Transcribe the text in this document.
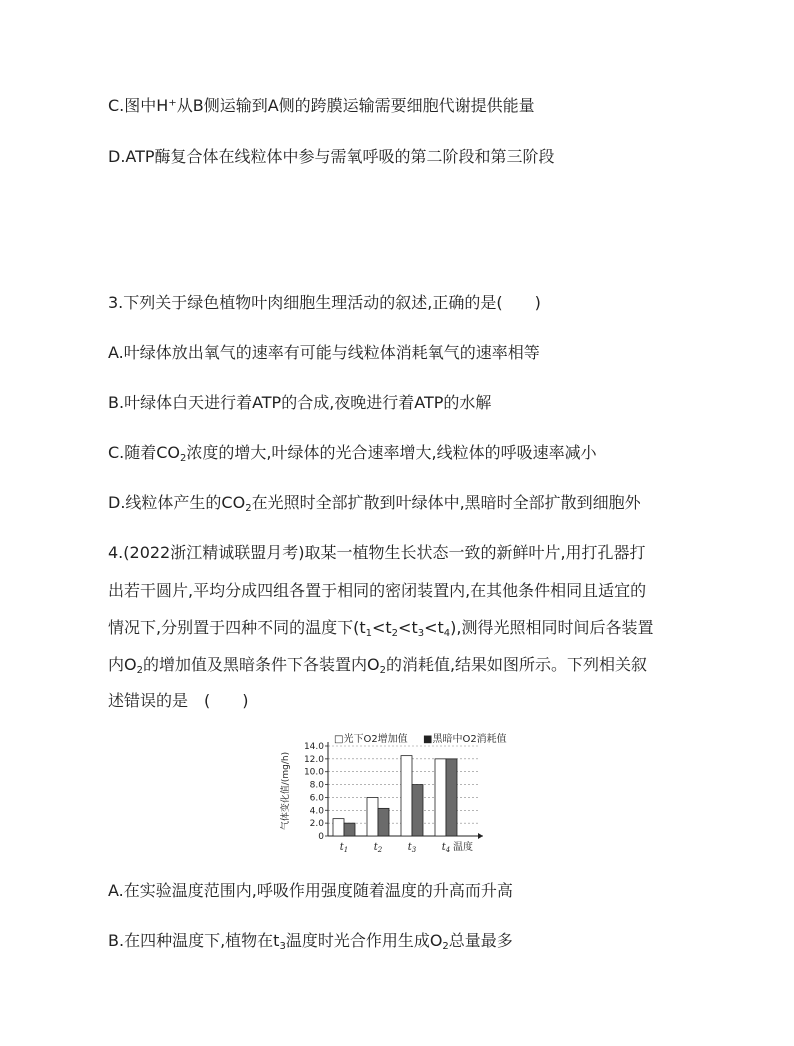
C.图中H⁺从B侧运输到A侧的跨膜运输需要细胞代谢提供能量
D.ATP酶复合体在线粒体中参与需氧呼吸的第二阶段和第三阶段
3.下列关于绿色植物叶肉细胞生理活动的叙述,正确的是(　　)
A.叶绿体放出氧气的速率有可能与线粒体消耗氧气的速率相等
B.叶绿体白天进行着ATP的合成,夜晚进行着ATP的水解
C.随着$CO_2$浓度的增大,叶绿体的光合速率增大,线粒体的呼吸速率减小
D.线粒体产生的$CO_2$在光照时全部扩散到叶绿体中,黑暗时全部扩散到细胞外
4.(2022浙江精诚联盟月考)取某一植物生长状态一致的新鲜叶片,用打孔器打
出若干圆片,平均分成四组各置于相同的密闭装置内,在其他条件相同且适宜的
情况下,分别置于四种不同的温度下$(t_1<t_2<t_3<t_4)$,测得光照相同时间后各装置
内$O_2$的增加值及黑暗条件下各装置内$O_2$的消耗值,结果如图所示。下列相关叙
述错误的是　(　　)
气体变化值/(mg/h)
0
2.0
4.0
6.0
8.0
10.0
12.0
14.0
$t_1$	$t_2$	$t_3$	$t_4$ 温度
□光下O2增加值 ■黑暗中O2消耗值
A.在实验温度范围内,呼吸作用强度随着温度的升高而升高
B.在四种温度下,植物在$t_3$温度时光合作用生成$O_2$总量最多
